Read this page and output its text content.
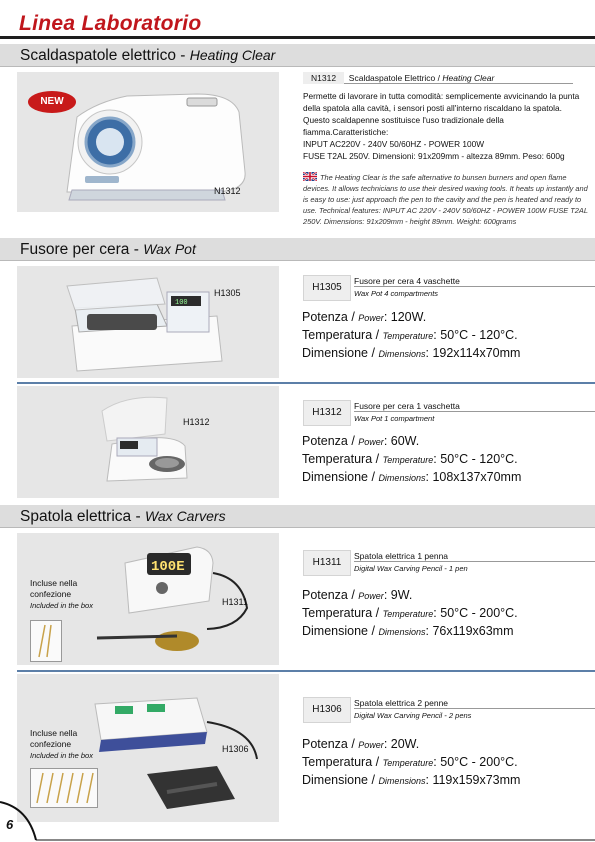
Linea Laboratorio
Scaldaspatole elettrico - Heating Clear
NEW
N1312
N1312 Scaldaspatole Elettrico / Heating Clear
Permette di lavorare in tutta comodità: semplicemente avvicinando la punta della spatola alla cavità, i sensori posti all'interno riscaldano la spatola. Questo scaldapenne sostituisce l'uso tradizionale della fiamma.Caratteristiche:
INPUT AC220V - 240V 50/60HZ - POWER 100W
FUSE T2AL 250V. Dimensioni: 91x209mm - altezza 89mm. Peso: 600g
The Heating Clear is the safe alternative to bunsen burners and open flame devices. It allows technicians to use their desired waxing tools. It heats up instantly and is easy to use: just approach the pen to the cavity and the pen is heated and ready to use. Technical features: INPUT AC 220V - 240V 50/60HZ - POWER 100W FUSE T2AL 250V. Dimensions: 91x209mm - height 89mm. Weight: 600grams
Fusore per cera - Wax Pot
100
H1305	H1305
Fusore per cera 4 vaschette
Wax Pot 4 compartments
Potenza / Power: 120W.
Temperatura / Temperature: 50°C - 120°C.
Dimensione / Dimensions: 192x114x70mm
H1312
H1312
Fusore per cera 1 vaschetta
Wax Pot 1 compartment
Potenza / Power: 60W.
Temperatura / Temperature: 50°C - 120°C.
Dimensione / Dimensions: 108x137x70mm
Spatola elettrica - Wax Carvers
100E
H1311
Incluse nella
confezione
Included in the box
H1311
Spatola elettrica 1 penna
Digital Wax Carving Pencil - 1 pen
Potenza / Power: 9W.
Temperatura / Temperature: 50°C - 200°C.
Dimensione / Dimensions: 76x119x63mm
H1306
Incluse nella
confezione
Included in the box
H1306
Spatola elettrica 2 penne
Digital Wax Carving Pencil - 2 pens
Potenza / Power: 20W.
Temperatura / Temperature: 50°C - 200°C.
Dimensione / Dimensions: 119x159x73mm
6
